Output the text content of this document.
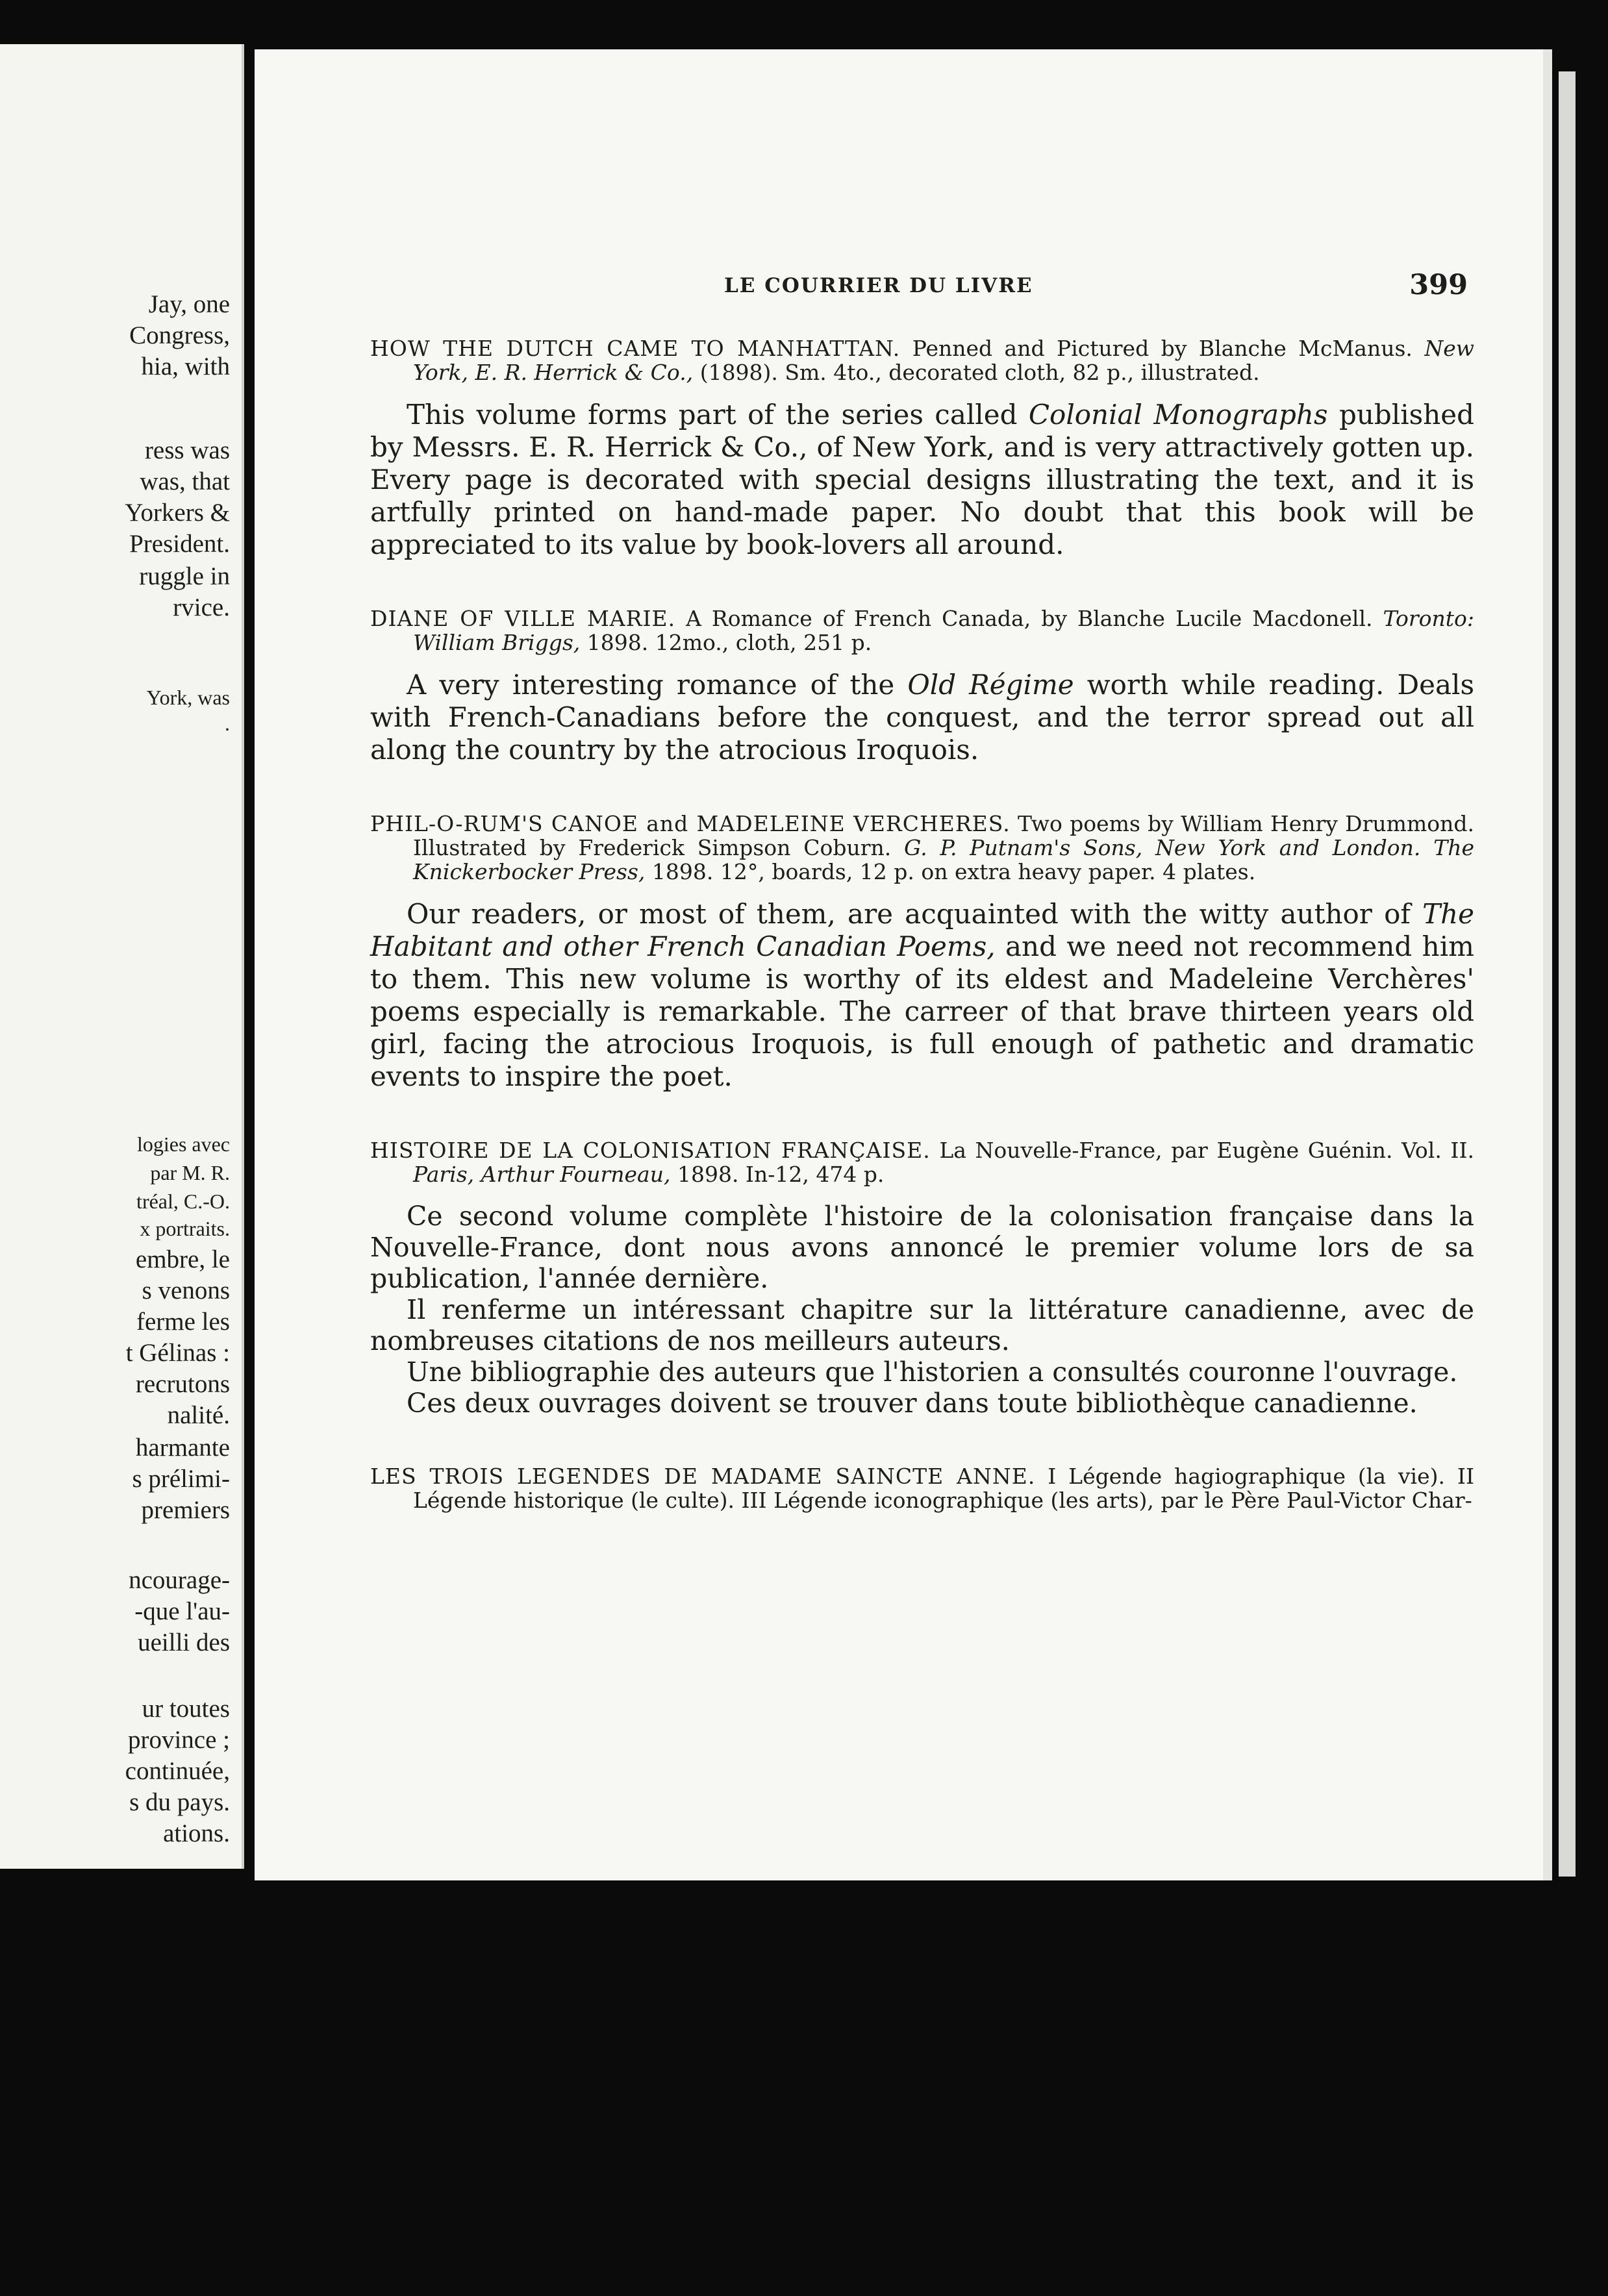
Jay, one
Congress,
hia, with
ress was
was, that
Yorkers &
President.
ruggle in
rvice.
York, was
.
logies avec
par M. R.
tréal, C.-O.
x portraits.
embre, le
s venons
ferme les
t Gélinas :
recrutons
nalité.
harmante
s prélimi-
premiers
ncourage-
-que l'au-
ueilli des
ur toutes
province ;
continuée,
s du pays.
ations.
LE COURRIER DU LIVRE	399
HOW THE DUTCH CAME TO MANHATTAN. Penned and Pictured by Blanche McManus. New York, E. R. Herrick & Co., (1898). Sm. 4to., decorated cloth, 82 p., illustrated.

This volume forms part of the series called Colonial Monographs published by Messrs. E. R. Herrick & Co., of New York, and is very attractively gotten up. Every page is decorated with special designs illustrating the text, and it is artfully printed on hand-made paper. No doubt that this book will be appreciated to its value by book-lovers all around.

DIANE OF VILLE MARIE. A Romance of French Canada, by Blanche Lucile Macdonell. Toronto: William Briggs, 1898. 12mo., cloth, 251 p.

A very interesting romance of the Old Régime worth while reading. Deals with French-Canadians before the conquest, and the terror spread out all along the country by the atrocious Iroquois.

PHIL-O-RUM'S CANOE and MADELEINE VERCHERES. Two poems by William Henry Drummond. Illustrated by Frederick Simpson Coburn. G. P. Putnam's Sons, New York and London. The Knickerbocker Press, 1898. 12°, boards, 12 p. on extra heavy paper. 4 plates.

Our readers, or most of them, are acquainted with the witty author of The Habitant and other French Canadian Poems, and we need not recommend him to them. This new volume is worthy of its eldest and Madeleine Verchères' poems especially is remarkable. The carreer of that brave thirteen years old girl, facing the atrocious Iroquois, is full enough of pathetic and dramatic events to inspire the poet.

HISTOIRE DE LA COLONISATION FRANÇAISE. La Nouvelle-France, par Eugène Guénin. Vol. II. Paris, Arthur Fourneau, 1898. In-12, 474 p.

Ce second volume complète l'histoire de la colonisation française dans la Nouvelle-France, dont nous avons annoncé le premier volume lors de sa publication, l'année dernière.

Il renferme un intéressant chapitre sur la littérature canadienne, avec de nombreuses citations de nos meilleurs auteurs.

Une bibliographie des auteurs que l'historien a consultés couronne l'ouvrage.

Ces deux ouvrages doivent se trouver dans toute bibliothèque canadienne.

LES TROIS LEGENDES DE MADAME SAINCTE ANNE. I Légende hagiographique (la vie). II Légende historique (le culte). III Légende iconographique (les arts), par le Père Paul-Victor Char-
